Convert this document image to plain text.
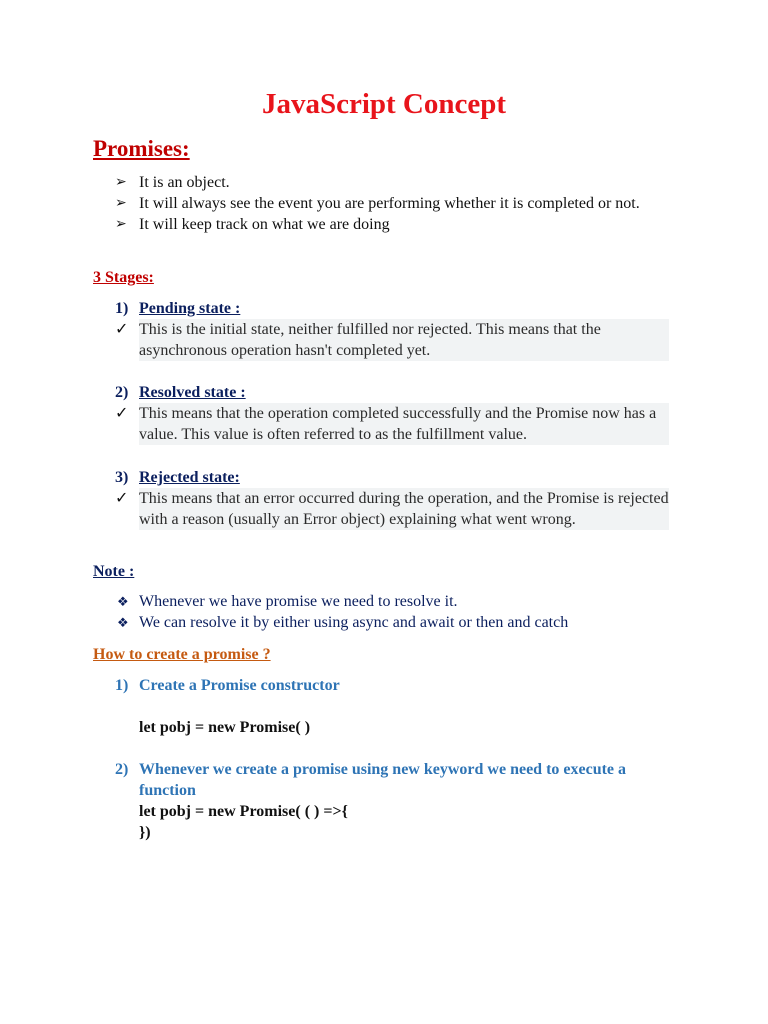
JavaScript Concept
Promises:
➢ It is an object.
➢ It will always see the event you are performing whether it is completed or not.
➢ It will keep track on what we are doing
3 Stages:
1) Pending state :
✓ This is the initial state, neither fulfilled nor rejected. This means that the asynchronous operation hasn't completed yet.
2) Resolved state :
✓ This means that the operation completed successfully and the Promise now has a value. This value is often referred to as the fulfillment value.
3) Rejected state:
✓ This means that an error occurred during the operation, and the Promise is rejected with a reason (usually an Error object) explaining what went wrong.
Note :
❖ Whenever we have promise we need to resolve it.
❖ We can resolve it by either using async and await or then and catch
How to create a promise ?
1) Create a Promise constructor
let pobj = new Promise( )
2) Whenever we create a promise using new keyword we need to execute a function
let pobj = new Promise( ( ) =>{
})
